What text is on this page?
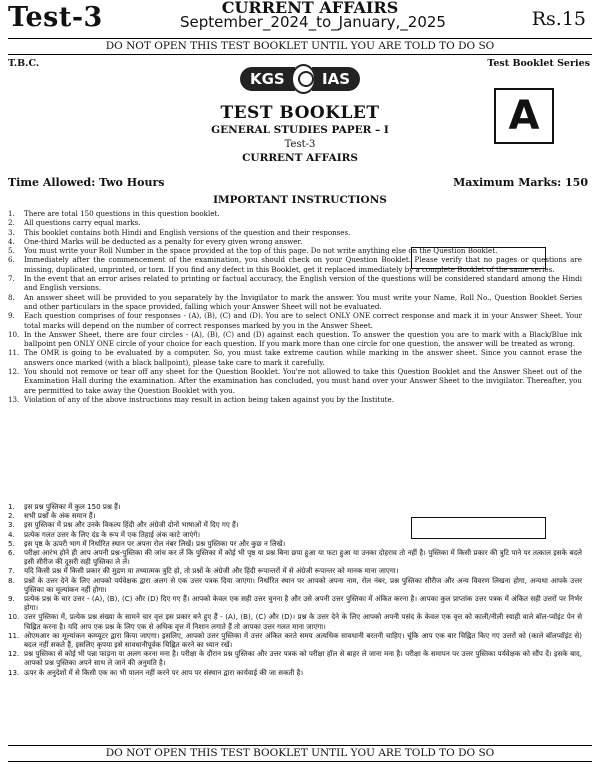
Test-3	CURRENT AFFAIRS
September_2024_to_January,_2025	Rs.15
DO NOT OPEN THIS TEST BOOKLET UNTIL YOU ARE TOLD TO DO SO
T.B.C.	Test Booklet Series
KGS	IAS
A
TEST BOOKLET
GENERAL STUDIES PAPER – I
Test-3
CURRENT AFFAIRS
Time Allowed: Two Hours	Maximum Marks: 150
IMPORTANT INSTRUCTIONS
1.	There are total 150 questions in this question booklet.
2.	All questions carry equal marks.
3.	This booklet contains both Hindi and English versions of the question and their responses.
4.	One-third Marks will be deducted as a penalty for every given wrong answer.
5.	You must write your Roll Number in the space provided at the top of this page. Do not write anything else on the Question Booklet.
6.	Immediately after the commencement of the examination, you should check on your Question Booklet. Please verify that no pages or questions are missing, duplicated, unprinted, or torn. If you find any defect in this Booklet, get it replaced immediately by a complete Booklet of the same series.
7.	In the event that an error arises related to printing or factual accuracy, the English version of the questions will be considered standard among the Hindi and English versions.
8.	An answer sheet will be provided to you separately by the Invigilator to mark the answer. You must write your Name, Roll No., Question Booklet Series and other particulars in the space provided, falling which your Answer Sheet will not be evaluated.
9.	Each question comprises of four responses - (A), (B), (C) and (D). You are to select ONLY ONE correct response and mark it in your Answer Sheet. Your total marks will depend on the number of correct responses marked by you in the Answer Sheet.
10. In the Answer Sheet, there are four circles - (A), (B), (C) and (D) against each question. To answer the question you are to mark with a Black/Blue ink ballpoint pen ONLY ONE circle of your choice for each question. If you mark more than one circle for one question, the answer will be treated as wrong.
11. The OMR is going to be evaluated by a computer. So, you must take extreme caution while marking in the answer sheet. Since you cannot erase the answers once marked (with a black ballpoint), please take care to mark it carefully.
12. You should not remove or tear off any sheet for the Question Booklet. You're not allowed to take this Question Booklet and the Answer Sheet out of the Examination Hall during the examination. After the examination has concluded, you must hand over your Answer Sheet to the invigilator. Thereafter, you are permitted to take away the Question Booklet with you.
13. Violation of any of the above instructions may result in action being taken against you by the Institute.
1.	इस प्रश्न पुस्तिका में कुल 150 प्रश्न हैं।
2.	सभी प्रश्नों के अंक समान हैं।
3.	इस पुस्तिका में प्रश्न और उनके विकल्प हिंदी और अंग्रेजी दोनों भाषाओं में दिए गए हैं।
4.	प्रत्येक गलत उत्तर के लिए दंड के रूप में एक तिहाई अंक काटे जाएंगे।
5.	इस पृष्ठ के ऊपरी भाग में निर्धारित स्थान पर अपना रोल नंबर लिखें। प्रश्न पुस्तिका पर और कुछ न लिखें।
6.	परीक्षा आरंभ होने ही आप अपनी प्रश्न-पुस्तिका की जांच कर लें कि पुस्तिका में कोई भी पृष्ठ या प्रश्न बिना छपा हुआ या फटा हुआ या उनका दोहराव तो नहीं है। पुस्तिका में किसी प्रकार की त्रुटि पाने पर तत्काल इसके बदले इसी सीरीज की दूसरी सही पुस्तिका ले लें।
7.	यदि किसी प्रश्न में किसी प्रकार की मुद्रण या तथ्यात्मक त्रुटि हो, तो प्रश्नों के अंग्रेजी और हिंदी रूपान्तरों में से अंग्रेजी रूपान्तर को मानक माना जाएगा।
8.	प्रश्नों के उत्तर देने के लिए आपको पर्यवेक्षक द्वारा अलग से एक उत्तर पत्रक दिया जाएगा। निर्धारित स्थान पर आपको अपना नाम, रोल नंबर, प्रश्न पुस्तिका सीरीज और अन्य विवरण लिखना होगा, अन्यथा आपके उत्तर पुस्तिका का मूल्यांकन नहीं होगा।
9.	प्रत्येक प्रश्न के चार उत्तर - (A), (B), (C) और (D) दिए गए हैं। आपको केवल एक सही उत्तर चुनना है और उसे अपनी उत्तर पुस्तिका में अंकित करना है। आपका कुल प्राप्तांक उत्तर पत्रक में अंकित सही उत्तरों पर निर्भर होगा।
10. उत्तर पुस्तिका में, प्रत्येक प्रश्न संख्या के सामने चार वृत्त इस प्रकार बने हुए हैं - (A), (B), (C) और (D)। प्रश्न के उत्तर देने के लिए आपको अपनी पसंद के केवल एक वृत्त को काली/नीली स्याही वाले बॉल-प्वॉइंट पेन से चिह्नित करना है। यदि आप एक प्रश्न के लिए एक से अधिक वृत्त में निशान लगाते हैं तो आपका उत्तर गलत माना जाएगा।
11. ओएमआर का मूल्यांकन कम्प्यूटर द्वारा किया जाएगा। इसलिए, आपको उत्तर पुस्तिका में उत्तर अंकित करते समय अत्यधिक सावधानी बरतनी चाहिए। चूंकि आप एक बार चिह्नित किए गए उत्तरों को (काले बॉलप्वॉइंट से) बदल नहीं सकते हैं, इसलिए कृपया इसे सावधानीपूर्वक चिह्नित करने का ध्यान रखें।
12. प्रश्न पुस्तिका से कोई भी पन्ना फाड़ना या अलग करना मना है। परीक्षा के दौरान प्रश्न पुस्तिका और उत्तर पत्रक को परीक्षा हॉल से बाहर ले जाना मना है। परीक्षा के समापन पर उत्तर पुस्तिका पर्यवेक्षक को सौंप दें। इसके बाद, आपको प्रश्न पुस्तिका अपने साथ ले जाने की अनुमति है।
13. ऊपर के अनुदेशों में से किसी एक का भी पालन नहीं करने पर आप पर संस्थान द्वारा कार्यवाई की जा सकती है।
DO NOT OPEN THIS TEST BOOKLET UNTIL YOU ARE TOLD TO DO SO
